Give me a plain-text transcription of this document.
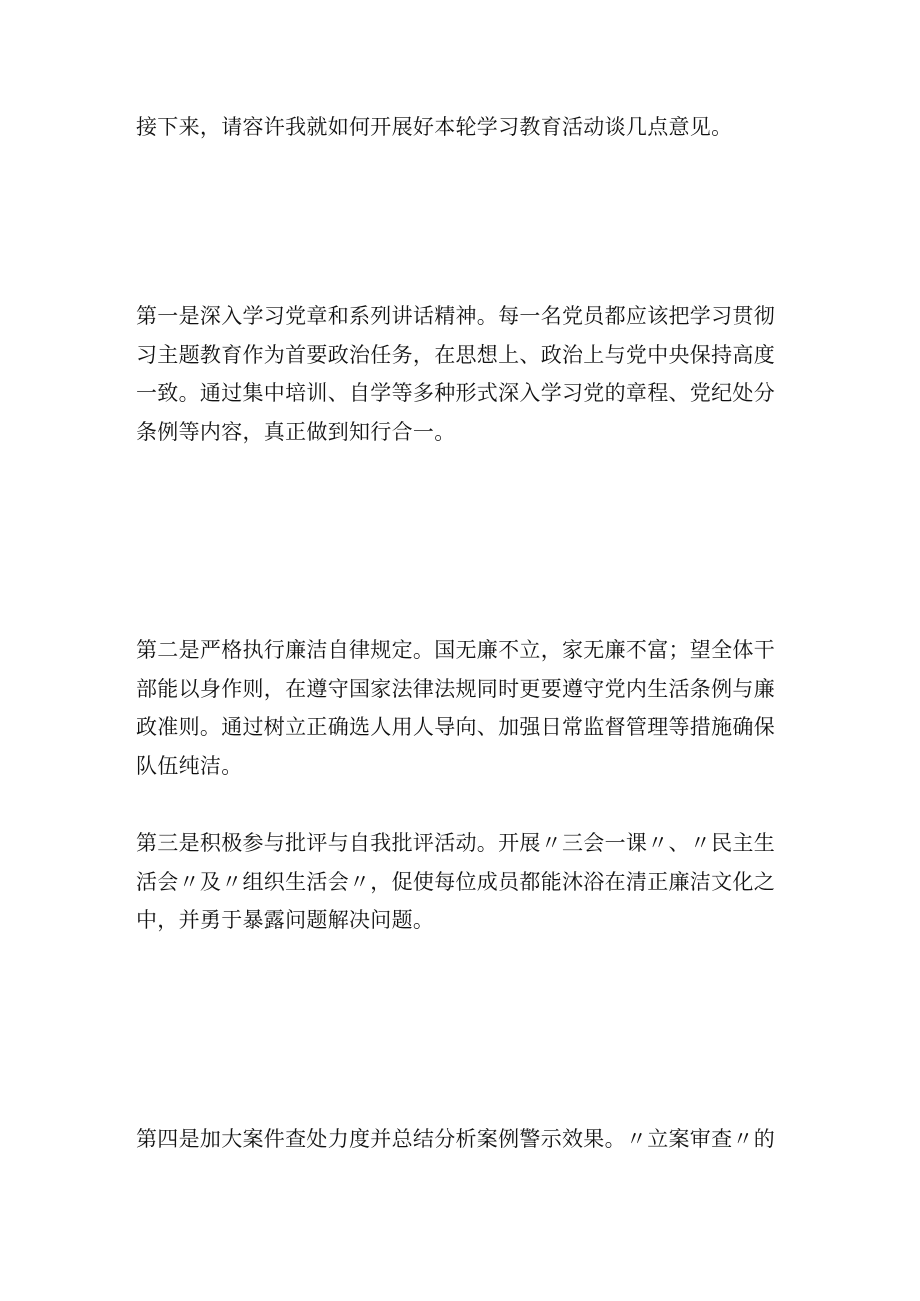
接下来，请容许我就如何开展好本轮学习教育活动谈几点意见。

第一是深入学习党章和系列讲话精神。每一名党员都应该把学习贯彻习主题教育作为首要政治任务，在思想上、政治上与党中央保持高度一致。通过集中培训、自学等多种形式深入学习党的章程、党纪处分条例等内容，真正做到知行合一。

第二是严格执行廉洁自律规定。国无廉不立，家无廉不富；望全体干部能以身作则，在遵守国家法律法规同时更要遵守党内生活条例与廉政准则。通过树立正确选人用人导向、加强日常监督管理等措施确保队伍纯洁。

第三是积极参与批评与自我批评活动。开展〃三会一课〃、〃民主生活会〃及〃组织生活会〃，促使每位成员都能沐浴在清正廉洁文化之中，并勇于暴露问题解决问题。

第四是加大案件查处力度并总结分析案例警示效果。〃立案审查〃的
